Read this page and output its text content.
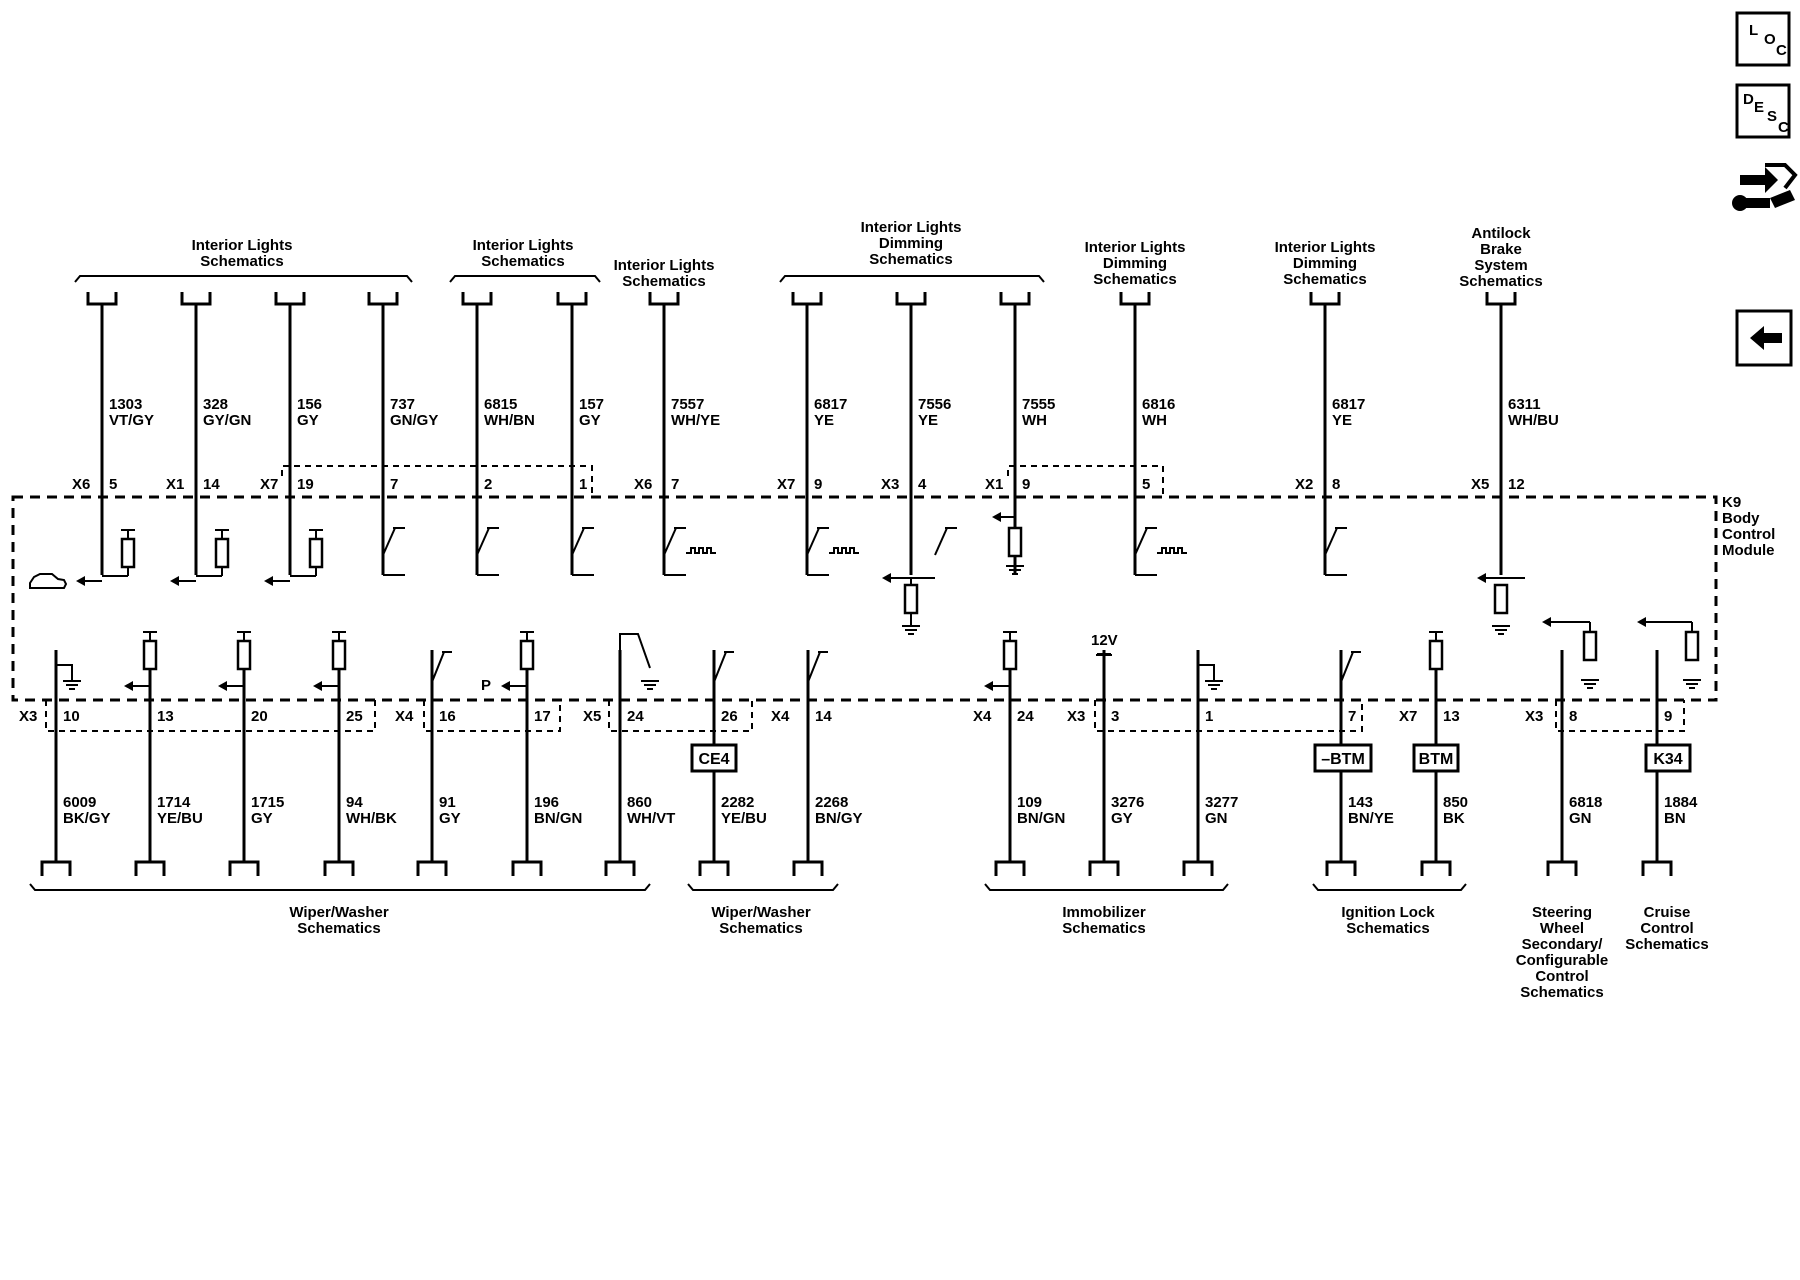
L
O
C
D E
S
C
K9
Body
Control
Module
Interior Lights
Schematics
Interior Lights
Schematics	Interior Lights
Schematics
Interior Lights
Dimming
Schematics
Interior Lights
Dimming
Schematics
Interior Lights
Dimming
Schematics
Antilock
Brake
System
Schematics
Wiper/Washer
Schematics
Wiper/Washer
Schematics
Immobilizer
Schematics
Ignition Lock
Schematics
Steering
Wheel
Secondary/
Configurable
Control
Schematics
Cruise
Control
Schematics
1303
VT/GY
5
X6
328
GY/GN
14
X1
156
GY
19
X7
737
GN/GY
7
6815
WH/BN
2
157
GY
1
7557
WH/YE
7
X6
6817
YE
9
X7
7556
YE
4
X3
7555
WH
9
X1
6816
WH
5
6817
YE
8
X2
6311
WH/BU
12
X5
6009
BK/GY
10
X3
1714
YE/BU
13
1715
GY
20
94
WH/BK
25
91
GY
16
X4
196
BN/GN
17
860
WH/VT
24
X5
2282
YE/BU
26
2268
BN/GY
14
X4
109
BN/GN
24
X4
3276
GY
3
X3
3277
GN
1
143
BN/YE
7
850
BK
13
X7
6818
GN
8
X3
1884
BN
9
CE4	–BTM	BTM	K34
12V
P
